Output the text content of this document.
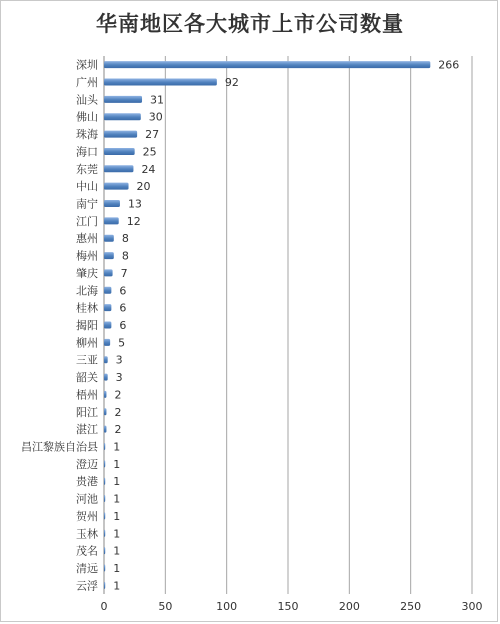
华南地区各大城市上市公司数量
0	50	100	150	200	250	300
深圳	266
广州	92
汕头	31
佛山	30
珠海	27
海口	25
东莞	24
中山	20
南宁	13
江门	12
惠州 8
梅州 8
肇庆 7
北海 6
桂林 6
揭阳 6
柳州 5
三亚 3
韶关 3
梧州 2
阳江 2
湛江 2
昌江黎族自治县 1
澄迈 1
贵港 1
河池 1
贺州 1
玉林 1
茂名 1
清远 1
云浮 1
